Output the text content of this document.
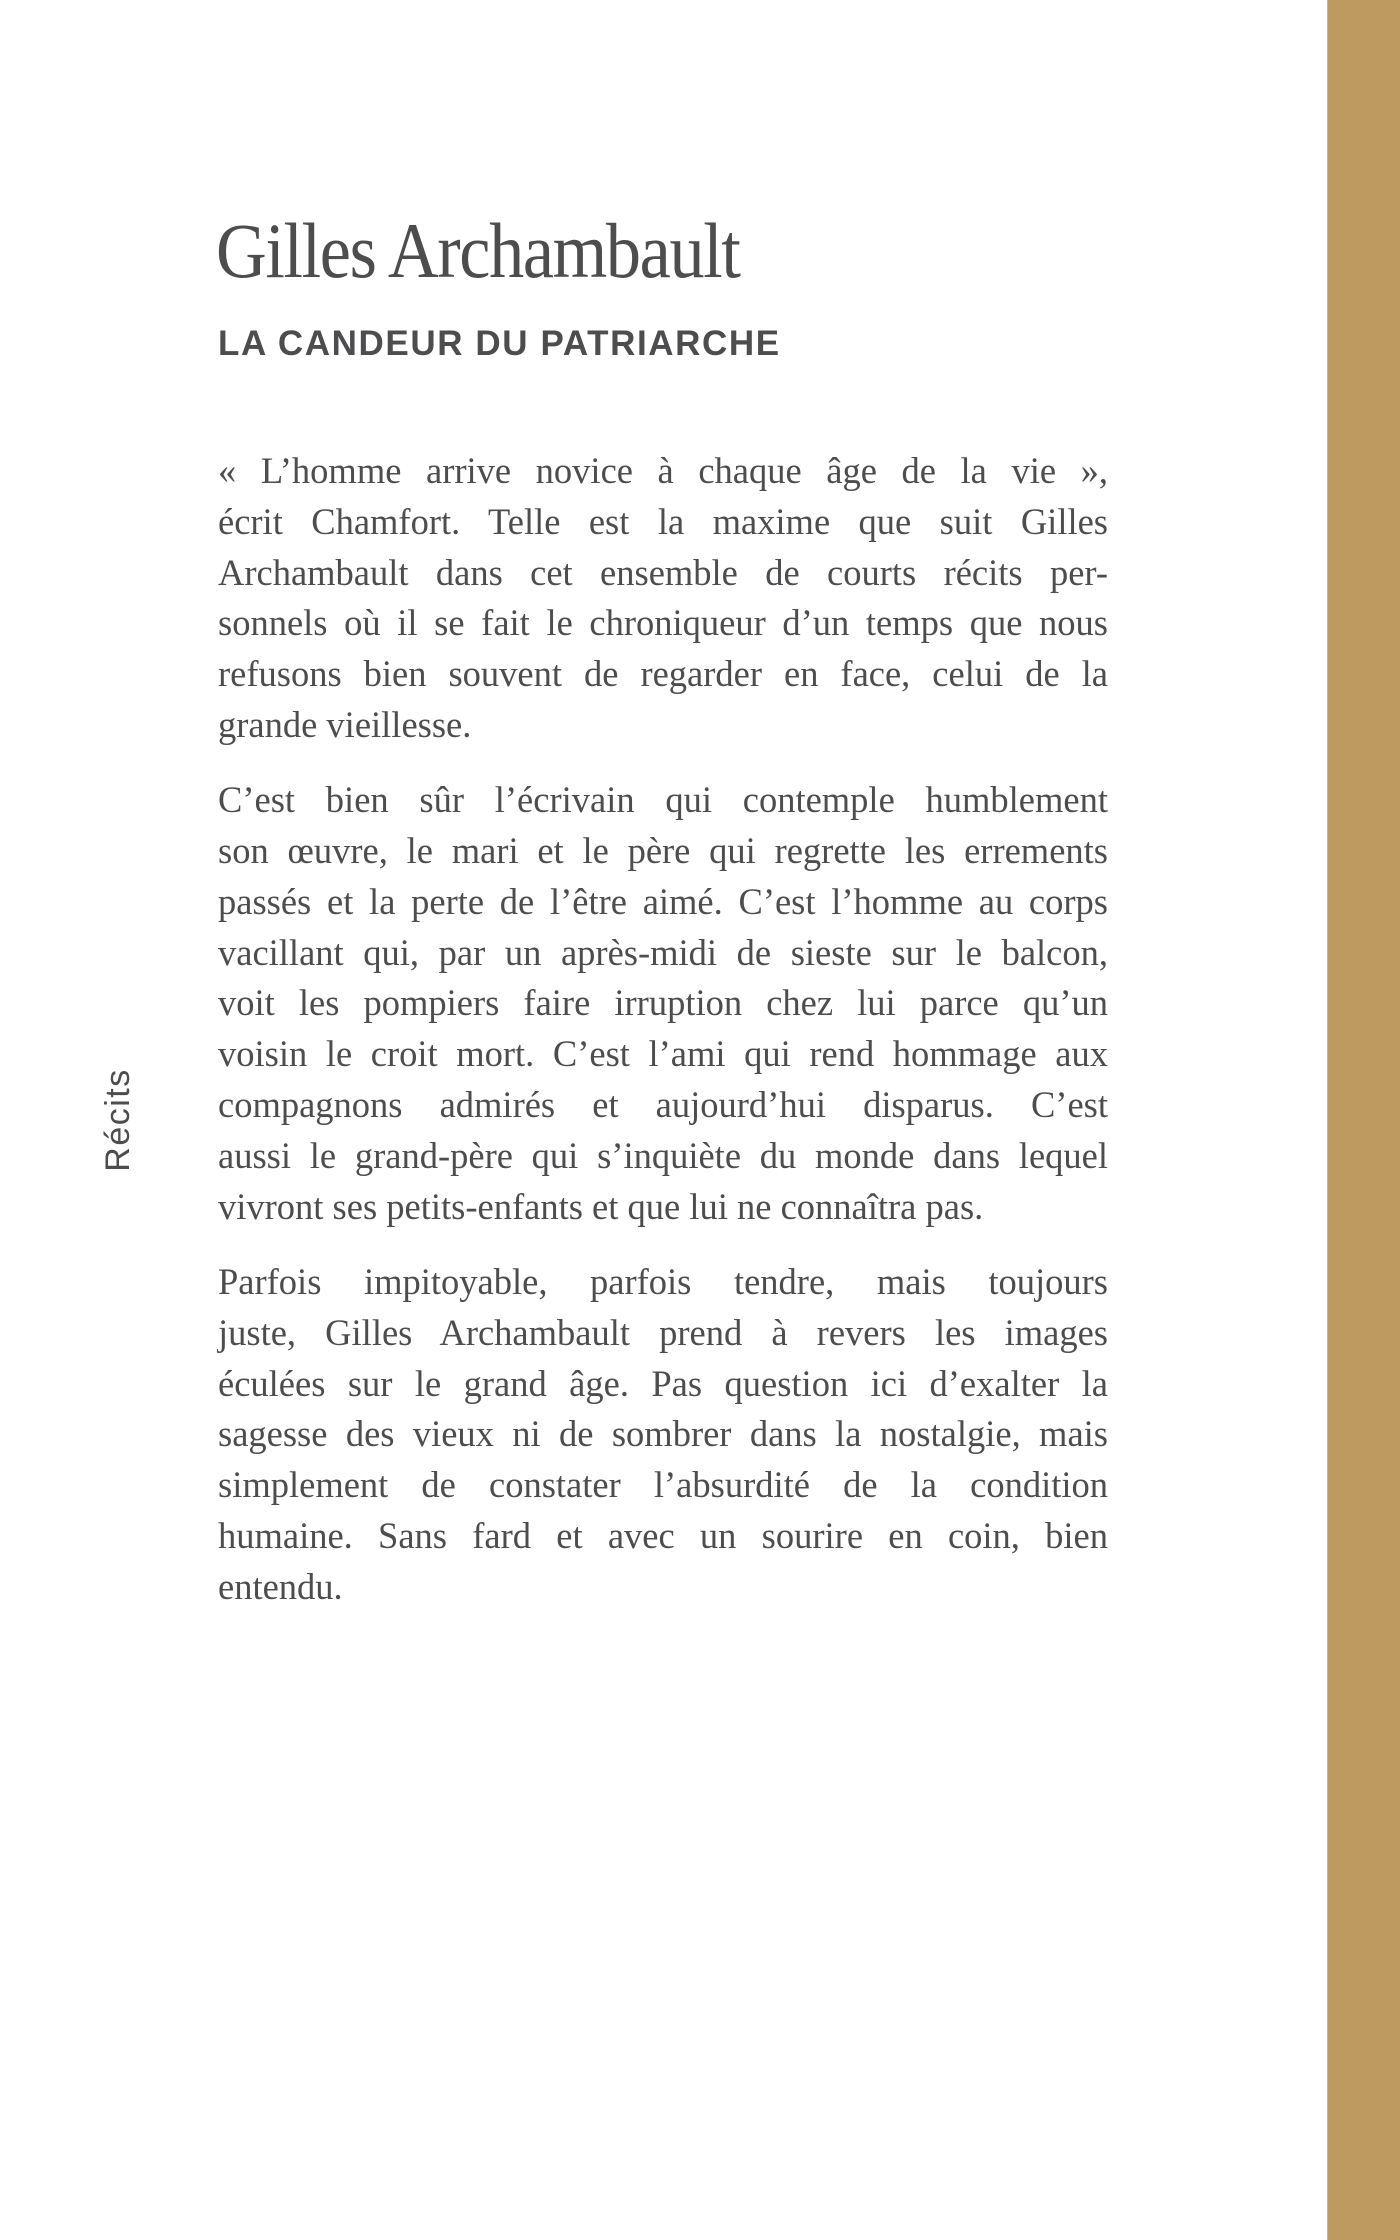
Gilles Archambault
LA CANDEUR DU PATRIARCHE
Récits

« L’homme arrive novice à chaque âge de la vie »,
écrit Chamfort. Telle est la maxime que suit Gilles
Archambault dans cet ensemble de courts récits per-
sonnels où il se fait le chroniqueur d’un temps que nous
refusons bien souvent de regarder en face, celui de la
grande vieillesse.

C’est bien sûr l’écrivain qui contemple humblement
son œuvre, le mari et le père qui regrette les errements
passés et la perte de l’être aimé. C’est l’homme au corps
vacillant qui, par un après-midi de sieste sur le balcon,
voit les pompiers faire irruption chez lui parce qu’un
voisin le croit mort. C’est l’ami qui rend hommage aux
compagnons admirés et aujourd’hui disparus. C’est
aussi le grand-père qui s’inquiète du monde dans lequel
vivront ses petits-enfants et que lui ne connaîtra pas.

Parfois impitoyable, parfois tendre, mais toujours
juste, Gilles Archambault prend à revers les images
éculées sur le grand âge. Pas question ici d’exalter la
sagesse des vieux ni de sombrer dans la nostalgie, mais
simplement de constater l’absurdité de la condition
humaine. Sans fard et avec un sourire en coin, bien
entendu.
